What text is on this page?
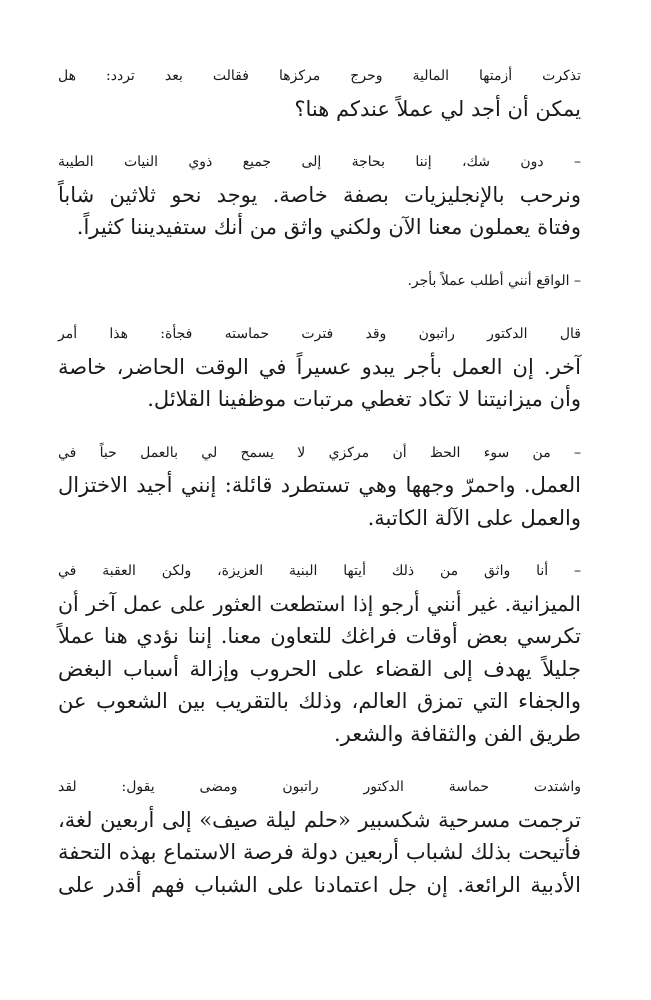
تذكرت أزمتها المالية وحرج مركزها فقالت بعد تردد: هل
يمكن أن أجد لي عملاً عندكم هنا؟

– دون شك، إننا بحاجة إلى جميع ذوي النيات الطيبة
ونرحب بالإنجليزيات بصفة خاصة. يوجد نحو ثلاثين شاباً
وفتاة يعملون معنا الآن ولكني واثق من أنك ستفيديننا كثيراً.

– الواقع أنني أطلب عملاً بأجر.

قال الدكتور راتبون وقد فترت حماسته فجأة: هذا أمر
آخر. إن العمل بأجر يبدو عسيراً في الوقت الحاضر، خاصة
وأن ميزانيتنا لا تكاد تغطي مرتبات موظفينا القلائل.

– من سوء الحظ أن مركزي لا يسمح لي بالعمل حباً في
العمل. واحمرّ وجهها وهي تستطرد قائلة: إنني أجيد الاختزال
والعمل على الآلة الكاتبة.

– أنا واثق من ذلك أيتها البنية العزيزة، ولكن العقبة في
الميزانية. غير أنني أرجو إذا استطعت العثور على عمل آخر أن
تكرسي بعض أوقات فراغك للتعاون معنا. إننا نؤدي هنا عملاً
جليلاً يهدف إلى القضاء على الحروب وإزالة أسباب البغض
والجفاء التي تمزق العالم، وذلك بالتقريب بين الشعوب عن
طريق الفن والثقافة والشعر.

واشتدت حماسة الدكتور راتبون ومضى يقول: لقد
ترجمت مسرحية شكسبير «حلم ليلة صيف» إلى أربعين لغة،
فأتيحت بذلك لشباب أربعين دولة فرصة الاستماع بهذه التحفة
الأدبية الرائعة. إن جل اعتمادنا على الشباب فهم أقدر على
